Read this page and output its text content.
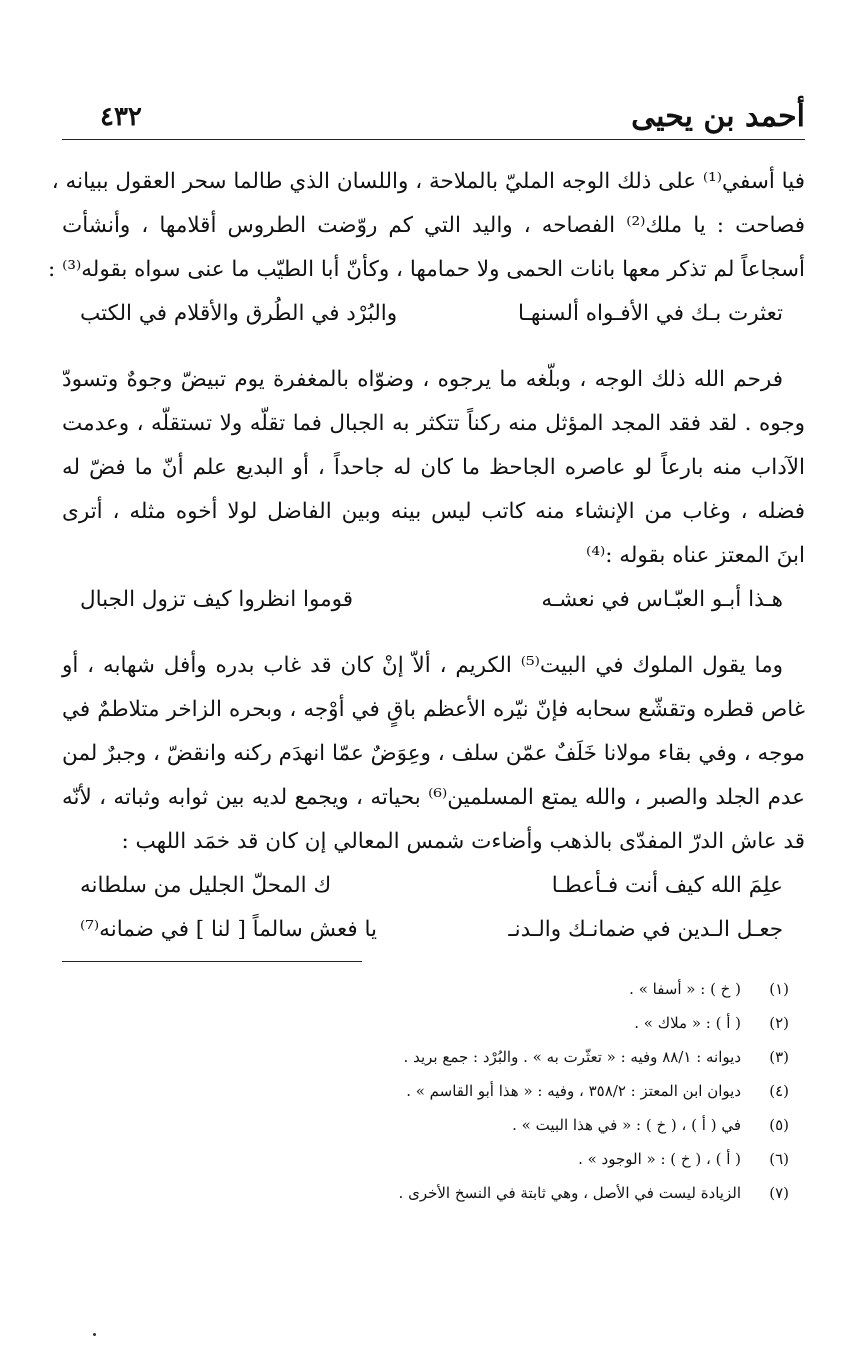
أحمد بن يحيى
٤٣٢
فيا أسفي⁽¹⁾ على ذلك الوجه المليّ بالملاحة ، واللسان الذي طالما سحر العقول ببيانه ،
فصاحت : يا ملك⁽²⁾ الفصاحه ، واليد التي كم روّضت الطروس أقلامها ، وأنشأت
أسجاعاً لم تذكر معها بانات الحمى ولا حمامها ، وكأنّ أبا الطيّب ما عنى سواه بقوله⁽³⁾ :
تعثرت بـك في الأفـواه ألسنهـا
والبُرْد في الطُرق والأقلام في الكتب
فرحم الله ذلك الوجه ، وبلّغه ما يرجوه ، وضوّاه بالمغفرة يوم تبيضّ وجوهٌ وتسودّ
وجوه . لقد فقد المجد المؤثل منه ركناً تتكثر به الجبال فما تقلّه ولا تستقلّه ، وعدمت
الآداب منه بارعاً لو عاصره الجاحظ ما كان له جاحداً ، أو البديع علم أنّ ما فضّ له
فضله ، وغاب من الإنشاء منه كاتب ليس بينه وبين الفاضل لولا أخوه مثله ، أترى
ابنَ المعتز عناه بقوله :⁽⁴⁾
هـذا أبـو العبّـاس في نعشـه
قوموا انظروا كيف تزول الجبال
وما يقول الملوك في البيت⁽⁵⁾ الكريم ، ألاّ إنْ كان قد غاب بدره وأفل شهابه ، أو
غاص قطره وتقشّع سحابه فإنّ نيّره الأعظم باقٍ في أوْجه ، وبحره الزاخر متلاطمٌ في
موجه ، وفي بقاء مولانا خَلَفٌ عمّن سلف ، وعِوَضٌ عمّا انهدَم ركنه وانقضّ ، وجبرٌ لمن
عدم الجلد والصبر ، والله يمتع المسلمين⁽⁶⁾ بحياته ، ويجمع لديه بين ثوابه وثباته ، لأنّه
قد عاش الدرّ المفدّى بالذهب وأضاءت شمس المعالي إن كان قد خمَد اللهب :
علِمَ الله كيف أنت فـأعطـا
ك المحلّ الجليل من سلطانه
جعـل الـدين في ضمانـك والـدنـ
يا فعش سالماً [ لنا ] في ضمانه⁽⁷⁾
(١)( خ ) : « أسفا » .
(٢)( أ ) : « ملاك » .
(٣)ديوانه : ٨٨/١ وفيه : « تعثّرت به » . والبُرْد : جمع بريد .
(٤)ديوان ابن المعتز : ٣٥٨/٢ ، وفيه : « هذا أبو القاسم » .
(٥)في ( أ ) ، ( خ ) : « في هذا البيت » .
(٦)( أ ) ، ( خ ) : « الوجود » .
(٧)الزيادة ليست في الأصل ، وهي ثابتة في النسخ الأخرى .
